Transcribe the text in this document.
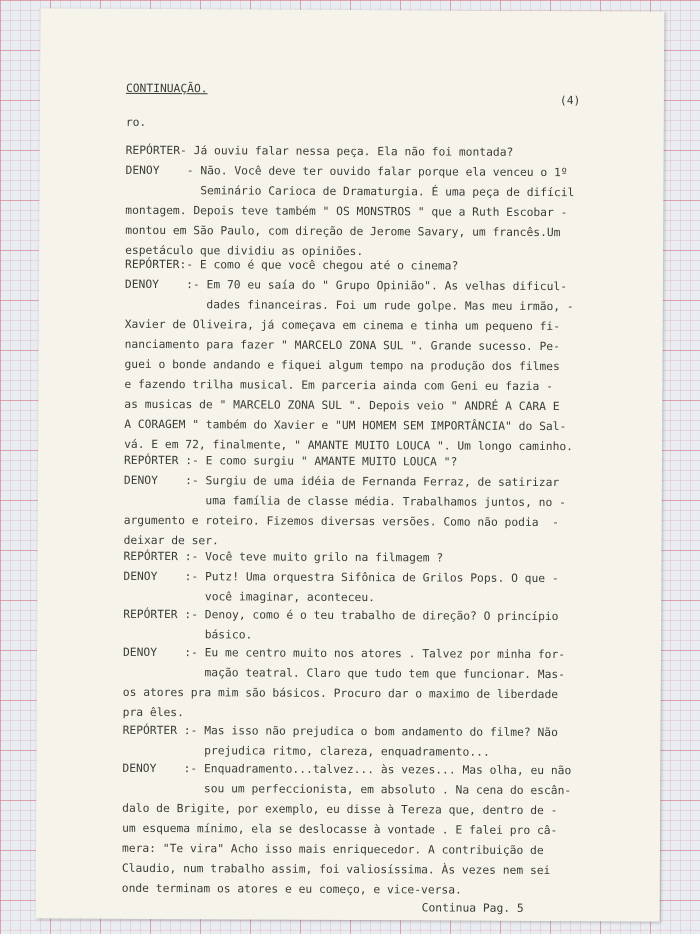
CONTINUAÇÃO.
(4)
ro.
REPÓRTER- Já ouviu falar nessa peça. Ela não foi montada?
DENOY    - Não. Você deve ter ouvido falar porque ela venceu o 1º
Seminário Carioca de Dramaturgia. É uma peça de difícil
montagem. Depois teve também " OS MONSTROS " que a Ruth Escobar -
montou em São Paulo, com direção de Jerome Savary, um francês.Um
espetáculo que dividiu as opiniões.
REPÓRTER:- E como é que você chegou até o cinema?
DENOY    :- Em 70 eu saía do " Grupo Opinião". As velhas dificul-
dades financeiras. Foi um rude golpe. Mas meu irmão, -
Xavier de Oliveira, já começava em cinema e tinha um pequeno fi-
nanciamento para fazer " MARCELO ZONA SUL ". Grande sucesso. Pe-
guei o bonde andando e fiquei algum tempo na produção dos filmes
e fazendo trilha musical. Em parceria ainda com Geni eu fazia -
as musicas de " MARCELO ZONA SUL ". Depois veio " ANDRÉ A CARA E
A CORAGEM " também do Xavier e "UM HOMEM SEM IMPORTÂNCIA" do Sal-
vá. E em 72, finalmente, " AMANTE MUITO LOUCA ". Um longo caminho.
REPÓRTER :- E como surgiu " AMANTE MUITO LOUCA "?
DENOY    :- Surgiu de uma idéia de Fernanda Ferraz, de satirizar
uma família de classe média. Trabalhamos juntos, no -
argumento e roteiro. Fizemos diversas versões. Como não podia  -
deixar de ser.
REPÓRTER :- Você teve muito grilo na filmagem ?
DENOY    :- Putz! Uma orquestra Sifônica de Grilos Pops. O que -
você imaginar, aconteceu.
REPÓRTER :- Denoy, como é o teu trabalho de direção? O princípio
básico.
DENOY    :- Eu me centro muito nos atores . Talvez por minha for-
mação teatral. Claro que tudo tem que funcionar. Mas-
os atores pra mim são básicos. Procuro dar o maximo de liberdade
pra êles.
REPÓRTER :- Mas isso não prejudica o bom andamento do filme? Não
prejudica ritmo, clareza, enquadramento...
DENOY    :- Enquadramento...talvez... às vezes... Mas olha, eu não
sou um perfeccionista, em absoluto . Na cena do escân-
dalo de Brigite, por exemplo, eu disse à Tereza que, dentro de -
um esquema mínimo, ela se deslocasse à vontade . E falei pro câ-
mera: "Te vira" Acho isso mais enriquecedor. A contribuição de
Claudio, num trabalho assim, foi valiosíssima. Às vezes nem sei
onde terminam os atores e eu começo, e vice-versa.
Continua Pag. 5
